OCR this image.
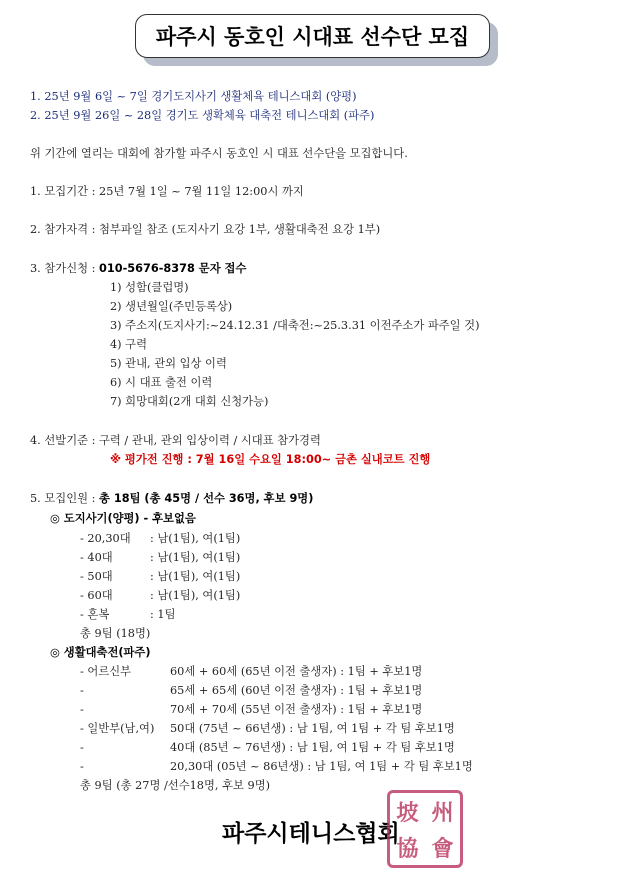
파주시 동호인 시대표 선수단 모집
1. 25년 9월 6일 ~ 7일 경기도지사기 생활체육 테니스대회 (양평)
2. 25년 9월 26일 ~ 28일 경기도 생확체육 대축전 테니스대회 (파주)
위 기간에 열리는 대회에 참가할 파주시 동호인 시 대표 선수단을 모집합니다.
1. 모집기간 : 25년 7월 1일 ~ 7월 11일 12:00시 까지
2. 참가자격 : 첨부파일 참조 (도지사기 요강 1부, 생활대축전 요강 1부)
3. 참가신청 : 010-5676-8378 문자 접수
1) 성함(클럽명)
2) 생년월일(주민등록상)
3) 주소지(도지사기:~24.12.31 /대축전:~25.3.31 이전주소가 파주일 것)
4) 구력
5) 관내, 관외 입상 이력
6) 시 대표 출전 이력
7) 희망대회(2개 대회 신청가능)
4. 선발기준 : 구력 / 관내, 관외 입상이력 / 시대표 참가경력
※ 평가전 진행 : 7월 16일 수요일 18:00~ 금촌 실내코트 진행
5. 모집인원 : 총 18팀 (총 45명 / 선수 36명, 후보 9명)
◎ 도지사기(양평) - 후보없음
- 20,30대 : 남(1팀), 여(1팀)
- 40대	: 남(1팀), 여(1팀)
- 50대	: 남(1팀), 여(1팀)
- 60대	: 남(1팀), 여(1팀)
- 혼복	: 1팀
총 9팀 (18명)
◎ 생활대축전(파주)
- 어르신부	60세 + 60세 (65년 이전 출생자) : 1팀 + 후보1명
-	65세 + 65세 (60년 이전 출생자) : 1팀 + 후보1명
-	70세 + 70세 (55년 이전 출생자) : 1팀 + 후보1명
- 일반부(남,여) 50대 (75년 ~ 66년생) : 남 1팀, 여 1팀 + 각 팀 후보1명
-	40대 (85년 ~ 76년생) : 남 1팀, 여 1팀 + 각 팀 후보1명
-	20,30대 (05년 ~ 86년생) : 남 1팀, 여 1팀 + 각 팀 후보1명
총 9팀 (총 27명 /선수18명, 후보 9명)
파주시테니스협회
坡 州
協 會
